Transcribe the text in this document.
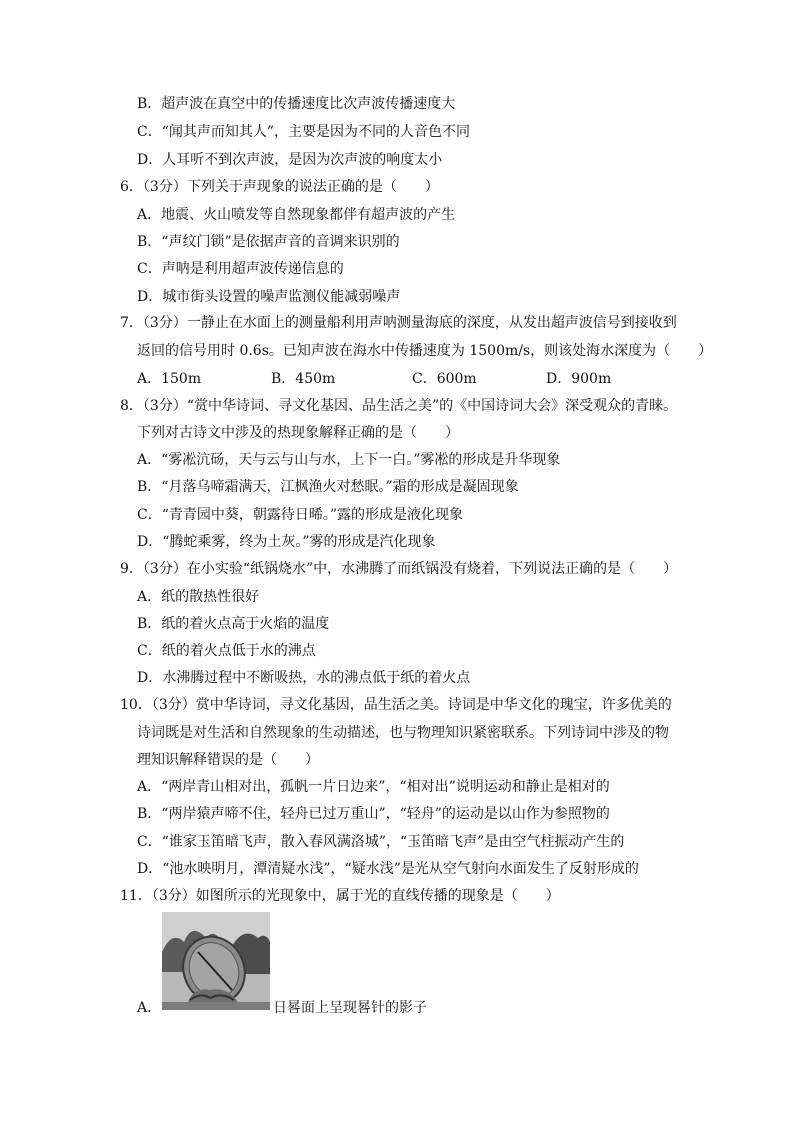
B．超声波在真空中的传播速度比次声波传播速度大
C．“闻其声而知其人”，主要是因为不同的人音色不同
D．人耳听不到次声波，是因为次声波的响度太小
6．（3分）下列关于声现象的说法正确的是（　　）
A．地震、火山喷发等自然现象都伴有超声波的产生
B．“声纹门锁”是依据声音的音调来识别的
C．声呐是利用超声波传递信息的
D．城市街头设置的噪声监测仪能减弱噪声
7．（3分）一静止在水面上的测量船利用声呐测量海底的深度，从发出超声波信号到接收到
返回的信号用时 0.6s。已知声波在海水中传播速度为 1500m/s，则该处海水深度为（　　）
A．150m	B．450m	C．600m	D．900m
8．（3分）“赏中华诗词、寻文化基因、品生活之美”的《中国诗词大会》深受观众的青睐。
下列对古诗文中涉及的热现象解释正确的是（　　）
A．“雾凇沆砀，天与云与山与水，上下一白。”雾凇的形成是升华现象
B．“月落乌啼霜满天，江枫渔火对愁眠。”霜的形成是凝固现象
C．“青青园中葵，朝露待日晞。”露的形成是液化现象
D．“腾蛇乘雾，终为土灰。”雾的形成是汽化现象
9．（3分）在小实验“纸锅烧水”中，水沸腾了而纸锅没有烧着，下列说法正确的是（　　）
A．纸的散热性很好
B．纸的着火点高于火焰的温度
C．纸的着火点低于水的沸点
D．水沸腾过程中不断吸热，水的沸点低于纸的着火点
10．（3分）赏中华诗词，寻文化基因，品生活之美。诗词是中华文化的瑰宝，许多优美的
诗词既是对生活和自然现象的生动描述，也与物理知识紧密联系。下列诗词中涉及的物
理知识解释错误的是（　　）
A．“两岸青山相对出，孤帆一片日边来”，“相对出”说明运动和静止是相对的
B．“两岸猿声啼不住，轻舟已过万重山”，“轻舟”的运动是以山作为参照物的
C．“谁家玉笛暗飞声，散入春风满洛城”，“玉笛暗飞声”是由空气柱振动产生的
D．“池水映明月，潭清疑水浅”，“疑水浅”是光从空气射向水面发生了反射形成的
11．（3分）如图所示的光现象中，属于光的直线传播的现象是（　　）
A．	日晷面上呈现晷针的影子
